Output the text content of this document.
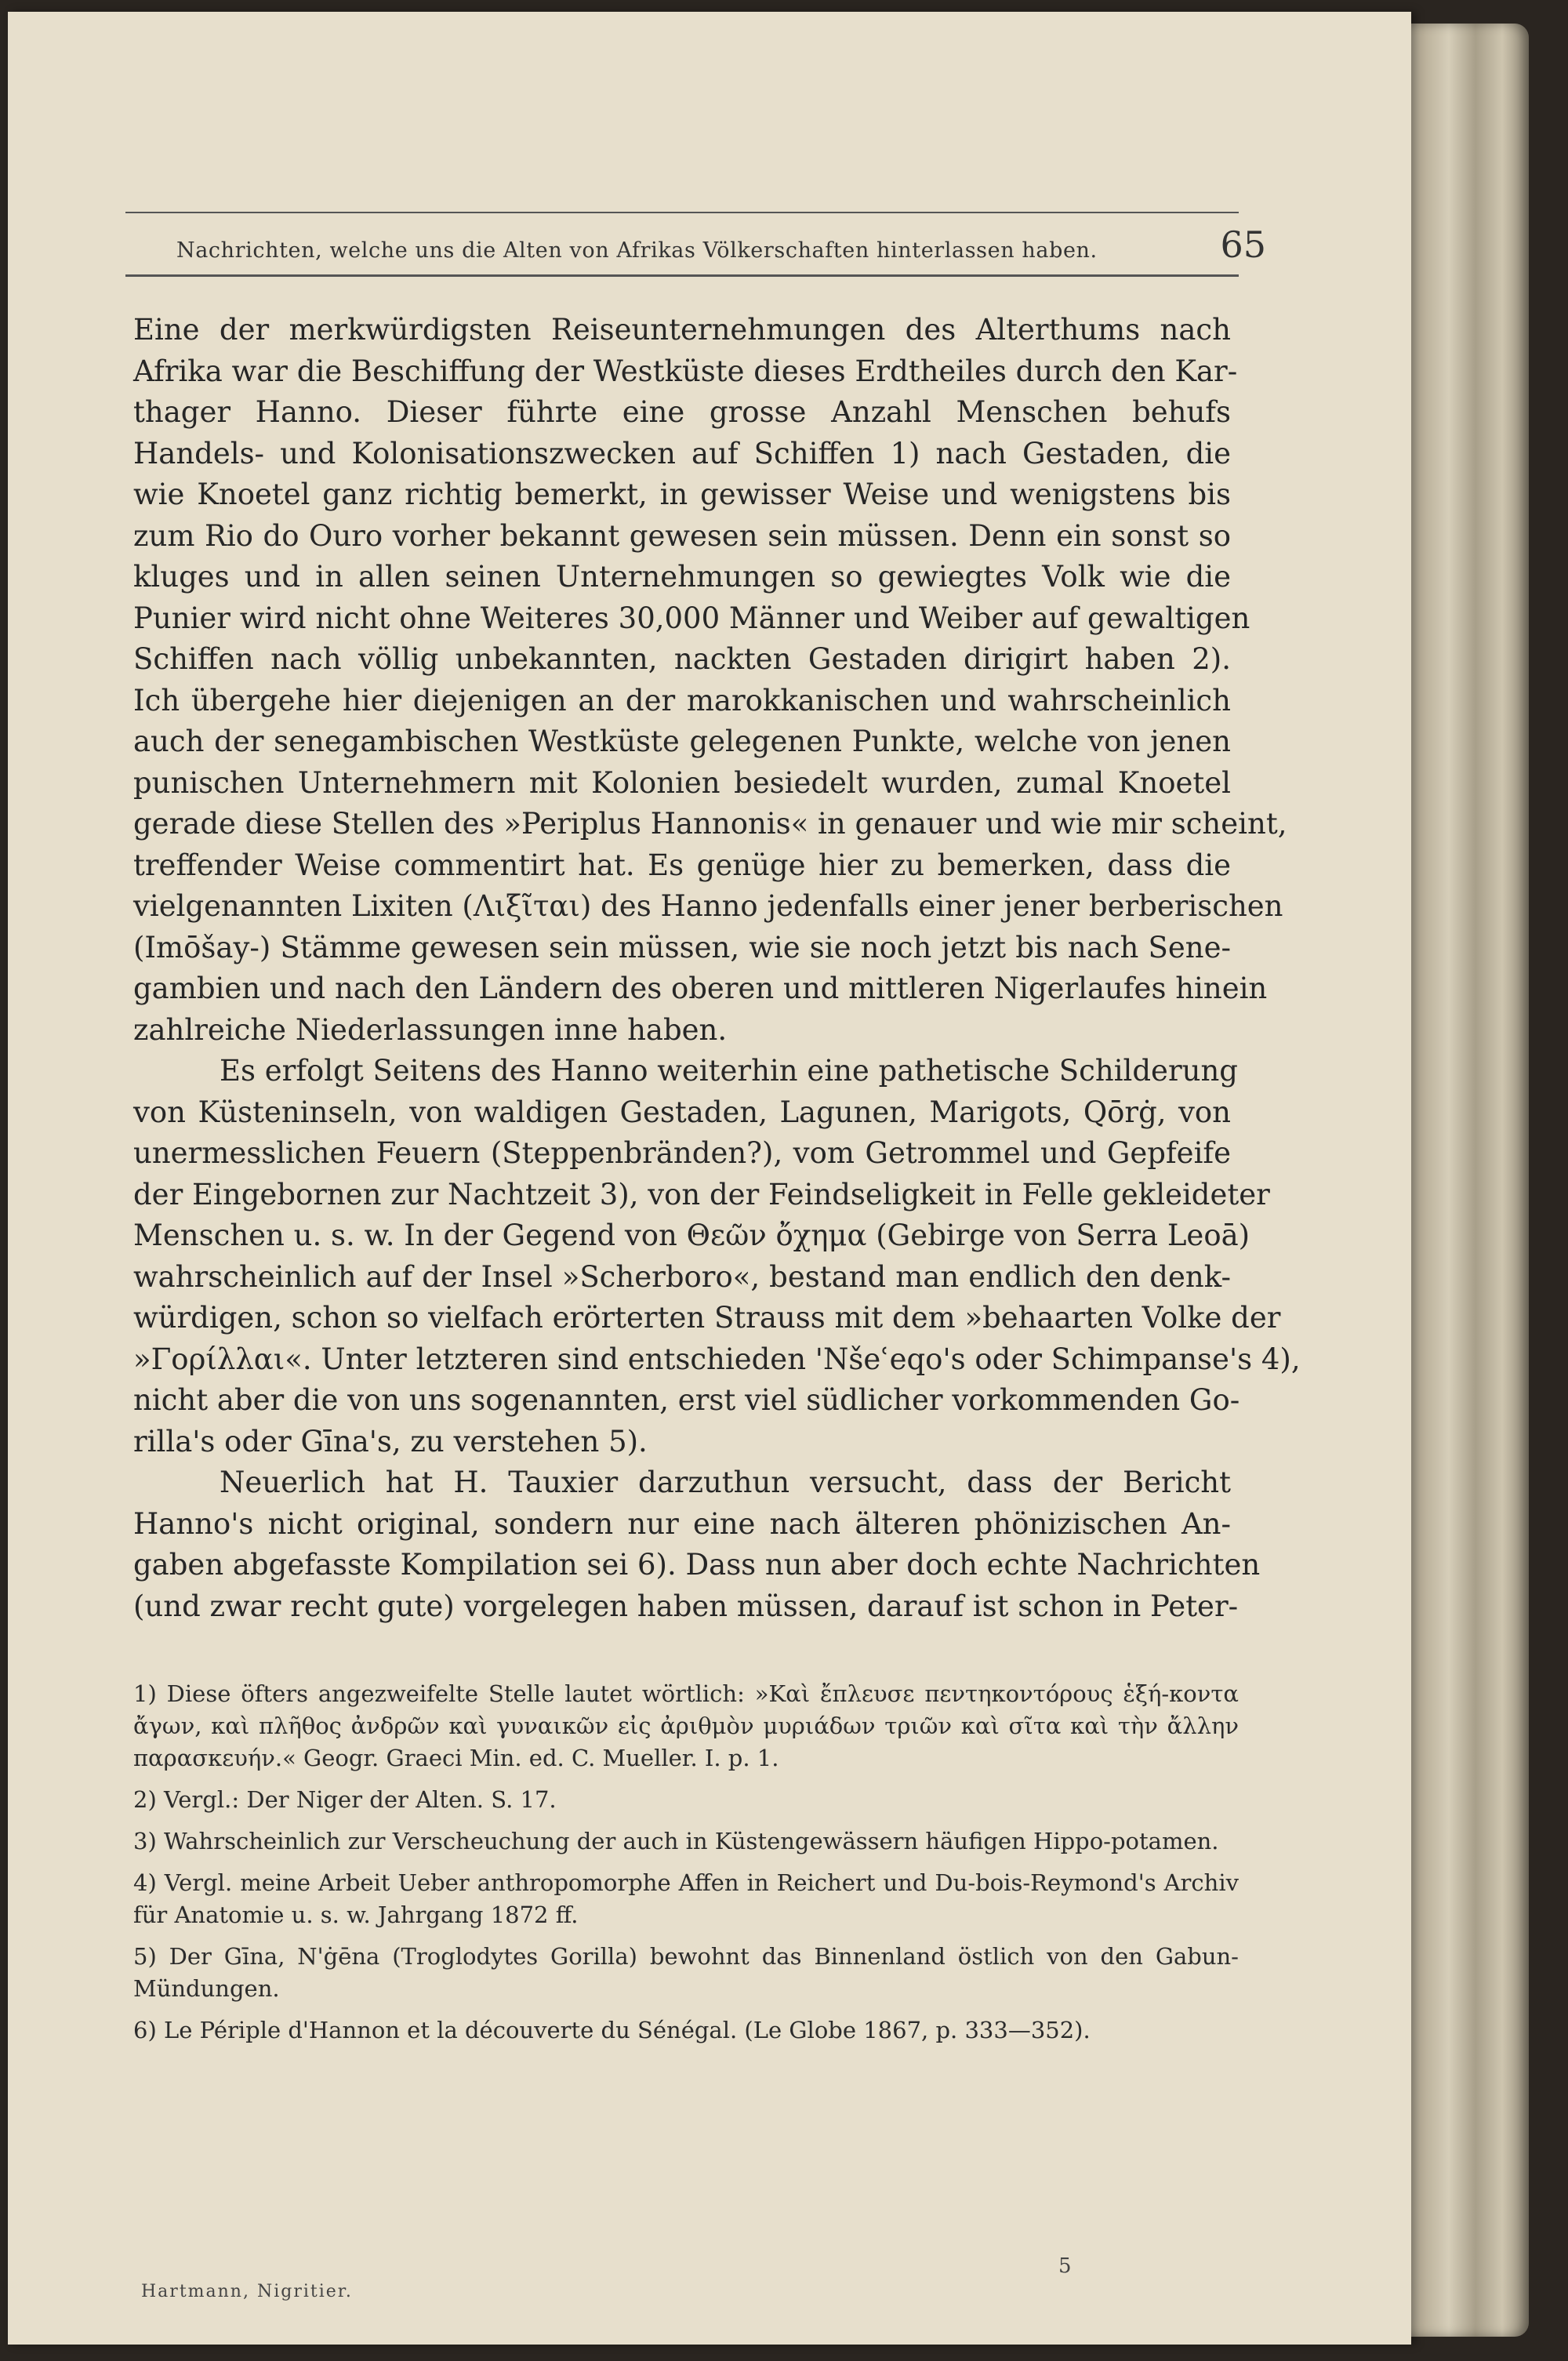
Nachrichten, welche uns die Alten von Afrikas Völkerschaften hinterlassen haben.	65

Eine der merkwürdigsten Reiseunternehmungen des Alterthums nach
Afrika war die Beschiffung der Westküste dieses Erdtheiles durch den Kar-
thager Hanno. Dieser führte eine grosse Anzahl Menschen behufs
Handels- und Kolonisationszwecken auf Schiffen 1) nach Gestaden, die
wie Knoetel ganz richtig bemerkt, in gewisser Weise und wenigstens bis
zum Rio do Ouro vorher bekannt gewesen sein müssen. Denn ein sonst so
kluges und in allen seinen Unternehmungen so gewiegtes Volk wie die
Punier wird nicht ohne Weiteres 30,000 Männer und Weiber auf gewaltigen
Schiffen nach völlig unbekannten, nackten Gestaden dirigirt haben 2).
Ich übergehe hier diejenigen an der marokkanischen und wahrscheinlich
auch der senegambischen Westküste gelegenen Punkte, welche von jenen
punischen Unternehmern mit Kolonien besiedelt wurden, zumal Knoetel
gerade diese Stellen des »Periplus Hannonis« in genauer und wie mir scheint,
treffender Weise commentirt hat. Es genüge hier zu bemerken, dass die
vielgenannten Lixiten (Λιξῖται) des Hanno jedenfalls einer jener berberischen
(Imōšay-) Stämme gewesen sein müssen, wie sie noch jetzt bis nach Sene-
gambien und nach den Ländern des oberen und mittleren Nigerlaufes hinein
zahlreiche Niederlassungen inne haben.

Es erfolgt Seitens des Hanno weiterhin eine pathetische Schilderung
von Küsteninseln, von waldigen Gestaden, Lagunen, Marigots, Qōrġ, von
unermesslichen Feuern (Steppenbränden?), vom Getrommel und Gepfeife
der Eingebornen zur Nachtzeit 3), von der Feindseligkeit in Felle gekleideter
Menschen u. s. w. In der Gegend von Θεῶν ὄχημα (Gebirge von Serra Leoā)
wahrscheinlich auf der Insel »Scherboro«, bestand man endlich den denk-
würdigen, schon so vielfach erörterten Strauss mit dem »behaarten Volke der
»Γορίλλαι«. Unter letzteren sind entschieden 'Nšeʿeqo's oder Schimpanse's 4),
nicht aber die von uns sogenannten, erst viel südlicher vorkommenden Go-
rilla's oder Gīna's, zu verstehen 5).

Neuerlich hat H. Tauxier darzuthun versucht, dass der Bericht
Hanno's nicht original, sondern nur eine nach älteren phönizischen An-
gaben abgefasste Kompilation sei 6). Dass nun aber doch echte Nachrichten
(und zwar recht gute) vorgelegen haben müssen, darauf ist schon in Peter-

1) Diese öfters angezweifelte Stelle lautet wörtlich: »Καὶ ἔπλευσε πεντηκοντόρους ἑξή-κοντα ἄγων, καὶ πλῆθος ἀνδρῶν καὶ γυναικῶν εἰς ἀριθμὸν μυριάδων τριῶν καὶ σῖτα καὶ τὴν ἄλλην παρασκευήν.« Geogr. Graeci Min. ed. C. Mueller. I. p. 1.

2) Vergl.: Der Niger der Alten. S. 17.

3) Wahrscheinlich zur Verscheuchung der auch in Küstengewässern häufigen Hippo-potamen.

4) Vergl. meine Arbeit Ueber anthropomorphe Affen in Reichert und Du-bois-Reymond's Archiv für Anatomie u. s. w. Jahrgang 1872 ff.

5) Der Gīna, N'ġēna (Troglodytes Gorilla) bewohnt das Binnenland östlich von den Gabun-Mündungen.

6) Le Périple d'Hannon et la découverte du Sénégal. (Le Globe 1867, p. 333—352).

5
Hartmann, Nigritier.
